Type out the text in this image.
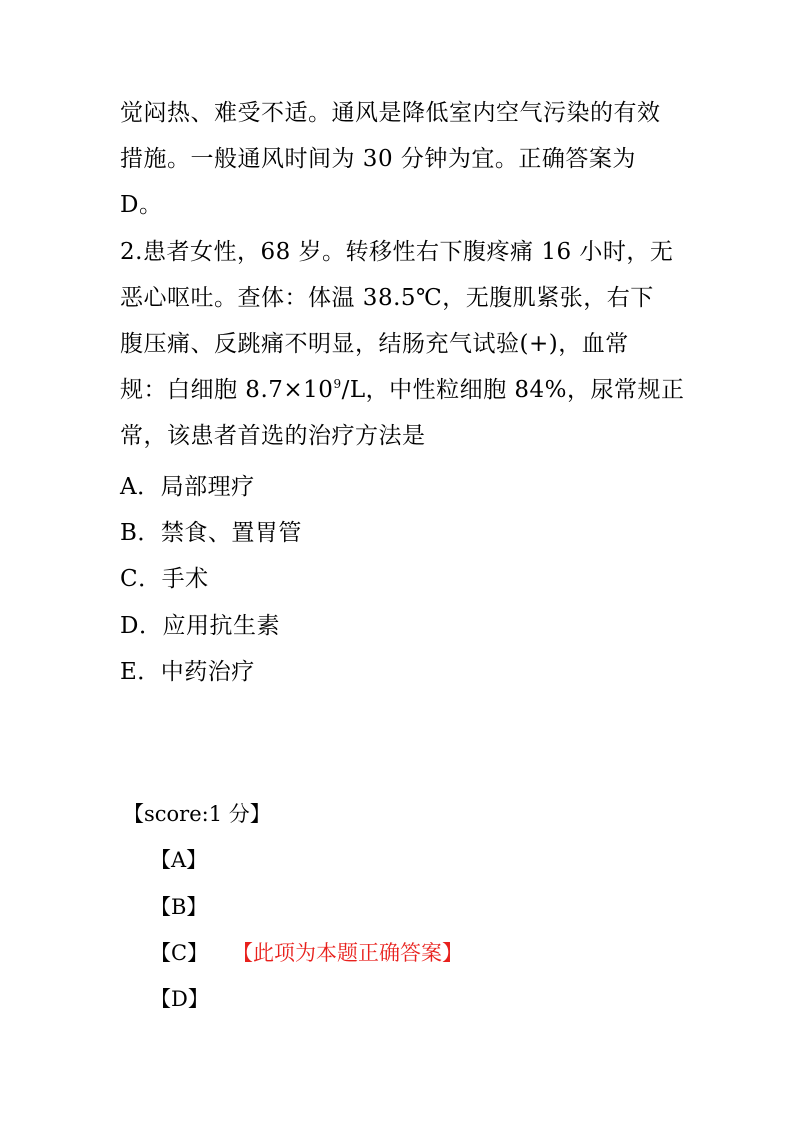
觉闷热、难受不适。通风是降低室内空气污染的有效
措施。一般通风时间为 30 分钟为宜。正确答案为
D。
2.患者女性，68 岁。转移性右下腹疼痛 16 小时，无
恶心呕吐。查体：体温 38.5℃，无腹肌紧张，右下
腹压痛、反跳痛不明显，结肠充气试验(+)，血常
规：白细胞 $8.7\times 10^9/L$，中性粒细胞 84%，尿常规正
常，该患者首选的治疗方法是
A．局部理疗
B．禁食、置胃管
C．手术
D．应用抗生素
E．中药治疗
【score:1 分】
【A】
【B】
【C】 【此项为本题正确答案】
【D】
